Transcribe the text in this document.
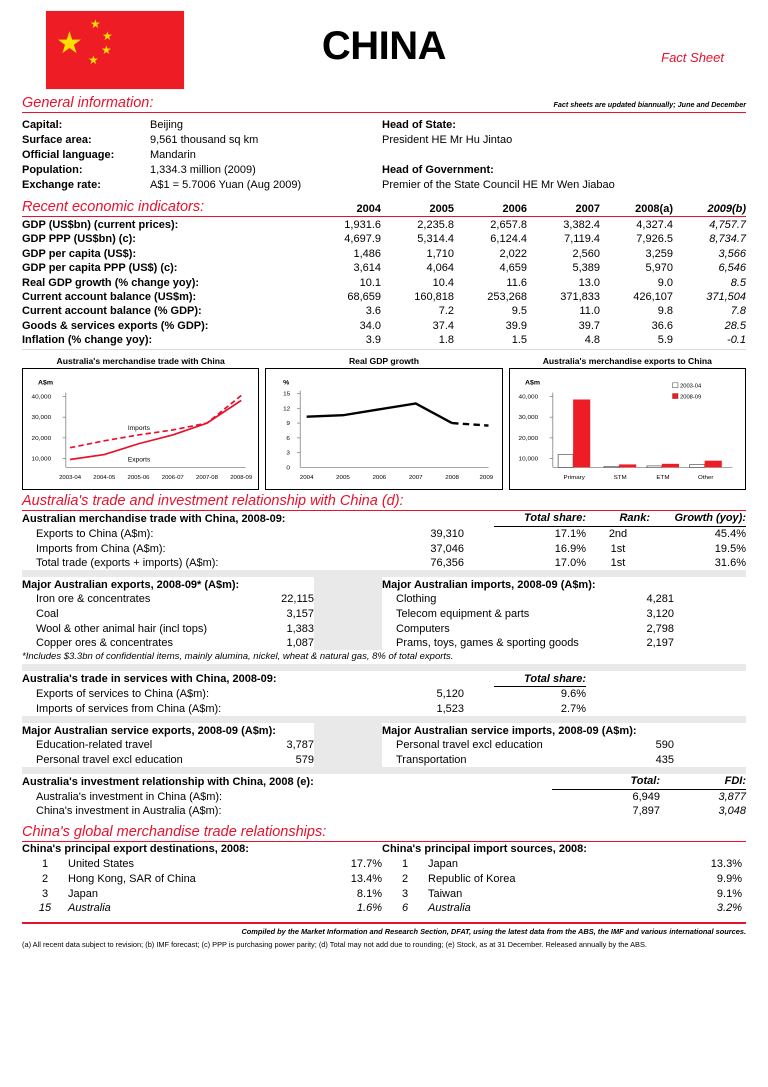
★
★
★
★
★	CHINA	Fact Sheet
General information:	Fact sheets are updated biannually; June and December
Capital:	Beijing	Head of State:
Surface area:	9,561 thousand sq km	President HE Mr Hu Jintao
Official language:	Mandarin	
Population:	1,334.3 million (2009)	Head of Government:
Exchange rate:	A$1 = 5.7006 Yuan (Aug 2009)	Premier of the State Council HE Mr Wen Jiabao
Recent economic indicators:	2004	2005	2006	2007	2008(a)	2009(b)
GDP (US$bn) (current prices):	1,931.6	2,235.8	2,657.8	3,382.4	4,327.4	4,757.7
GDP PPP (US$bn) (c):	4,697.9	5,314.4	6,124.4	7,119.4	7,926.5	8,734.7
GDP per capita (US$):	1,486	1,710	2,022	2,560	3,259	3,566
GDP per capita PPP (US$) (c):	3,614	4,064	4,659	5,389	5,970	6,546
Real GDP growth (% change yoy):	10.1	10.4	11.6	13.0	9.0	8.5
Current account balance (US$m):	68,659	160,818	253,268	371,833	426,107	371,504
Current account balance (% GDP):	3.6	7.2	9.5	11.0	9.8	7.8
Goods & services exports (% GDP):	34.0	37.4	39.9	39.7	36.6	28.5
Inflation (% change yoy):	3.9	1.8	1.5	4.8	5.9	-0.1
Australia's merchandise trade with China
A$m
40,000
30,000
20,000
10,000
Imports
Exports
2003-04 2004-05 2005-06 2006-07 2007-08 2008-09
Real GDP growth
%
15
12
9
6
3
0
2004	2005	2006	2007	2008	2009
Australia's merchandise exports to China
A$m
40,000
30,000
20,000
10,000
2003-04
2008-09
Primary	STM	ETM	Other
Australia's trade and investment relationship with China (d):
Australian merchandise trade with China, 2008-09:		Total share:	Rank:	Growth (yoy):
Exports to China (A$m):	39,310	17.1%	2nd	45.4%
Imports from China (A$m):	37,046	16.9%	1st	19.5%
Total trade (exports + imports) (A$m):	76,356	17.0%	1st	31.6%
Major Australian exports, 2008-09* (A$m):	
Iron ore & concentrates	22,115
Coal	3,157
Wool & other animal hair (incl tops)	1,383
Copper ores & concentrates	1,087
Major Australian imports, 2008-09 (A$m):	
Clothing	4,281
Telecom equipment & parts	3,120
Computers	2,798
Prams, toys, games & sporting goods	2,197
*Includes $3.3bn of confidential items, mainly alumina, nickel, wheat & natural gas, 8% of total exports.
Australia's trade in services with China, 2008-09:		Total share:	
Exports of services to China (A$m):	5,120	9.6%	
Imports of services from China (A$m):	1,523	2.7%	
Major Australian service exports, 2008-09 (A$m):	
Education-related travel	3,787
Personal travel excl education	579
Major Australian service imports, 2008-09 (A$m):	
Personal travel excl education	590
Transportation	435
Australia's investment relationship with China, 2008 (e):	Total:	FDI:
Australia's investment in China (A$m):	6,949	3,877
China's investment in Australia (A$m):	7,897	3,048
China's global merchandise trade relationships:
China's principal export destinations, 2008:		
1	United States	17.7%
2	Hong Kong, SAR of China	13.4%
3	Japan	8.1%
15	Australia	1.6%
China's principal import sources, 2008:		
1	Japan	13.3%
2	Republic of Korea	9.9%
3	Taiwan	9.1%
6	Australia	3.2%
Compiled by the Market Information and Research Section, DFAT, using the latest data from the ABS, the IMF and various international sources.
(a) All recent data subject to revision; (b) IMF forecast; (c) PPP is purchasing power parity; (d) Total may not add due to rounding; (e) Stock, as at 31 December. Released annually by the ABS.
